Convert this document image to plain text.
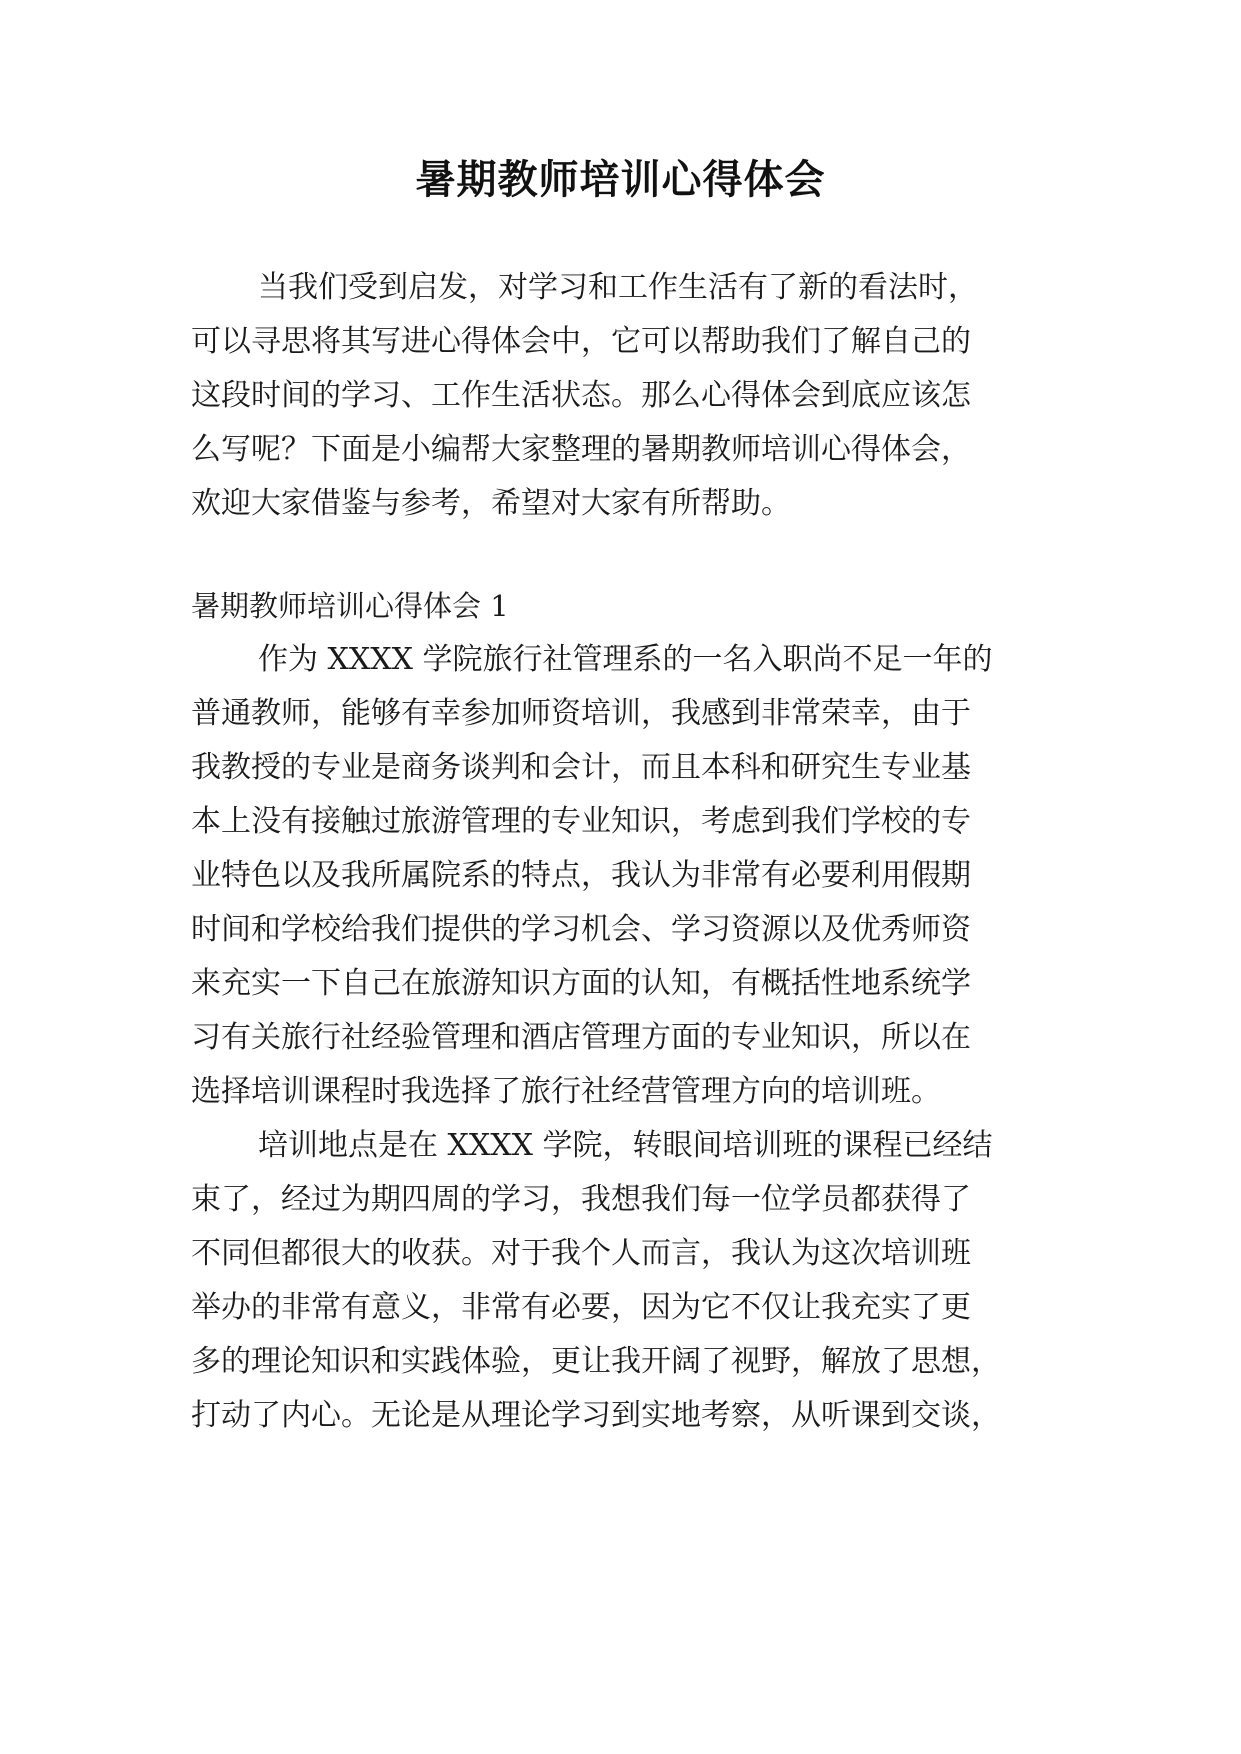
暑期教师培训心得体会
当我们受到启发，对学习和工作生活有了新的看法时，
可以寻思将其写进心得体会中，它可以帮助我们了解自己的
这段时间的学习、工作生活状态。那么心得体会到底应该怎
么写呢？下面是小编帮大家整理的暑期教师培训心得体会，
欢迎大家借鉴与参考，希望对大家有所帮助。
暑期教师培训心得体会 1
作为 XXXX 学院旅行社管理系的一名入职尚不足一年的
普通教师，能够有幸参加师资培训，我感到非常荣幸，由于
我教授的专业是商务谈判和会计，而且本科和研究生专业基
本上没有接触过旅游管理的专业知识，考虑到我们学校的专
业特色以及我所属院系的特点，我认为非常有必要利用假期
时间和学校给我们提供的学习机会、学习资源以及优秀师资
来充实一下自己在旅游知识方面的认知，有概括性地系统学
习有关旅行社经验管理和酒店管理方面的专业知识，所以在
选择培训课程时我选择了旅行社经营管理方向的培训班。
培训地点是在 XXXX 学院，转眼间培训班的课程已经结
束了，经过为期四周的学习，我想我们每一位学员都获得了
不同但都很大的收获。对于我个人而言，我认为这次培训班
举办的非常有意义，非常有必要，因为它不仅让我充实了更
多的理论知识和实践体验，更让我开阔了视野，解放了思想，
打动了内心。无论是从理论学习到实地考察，从听课到交谈，
